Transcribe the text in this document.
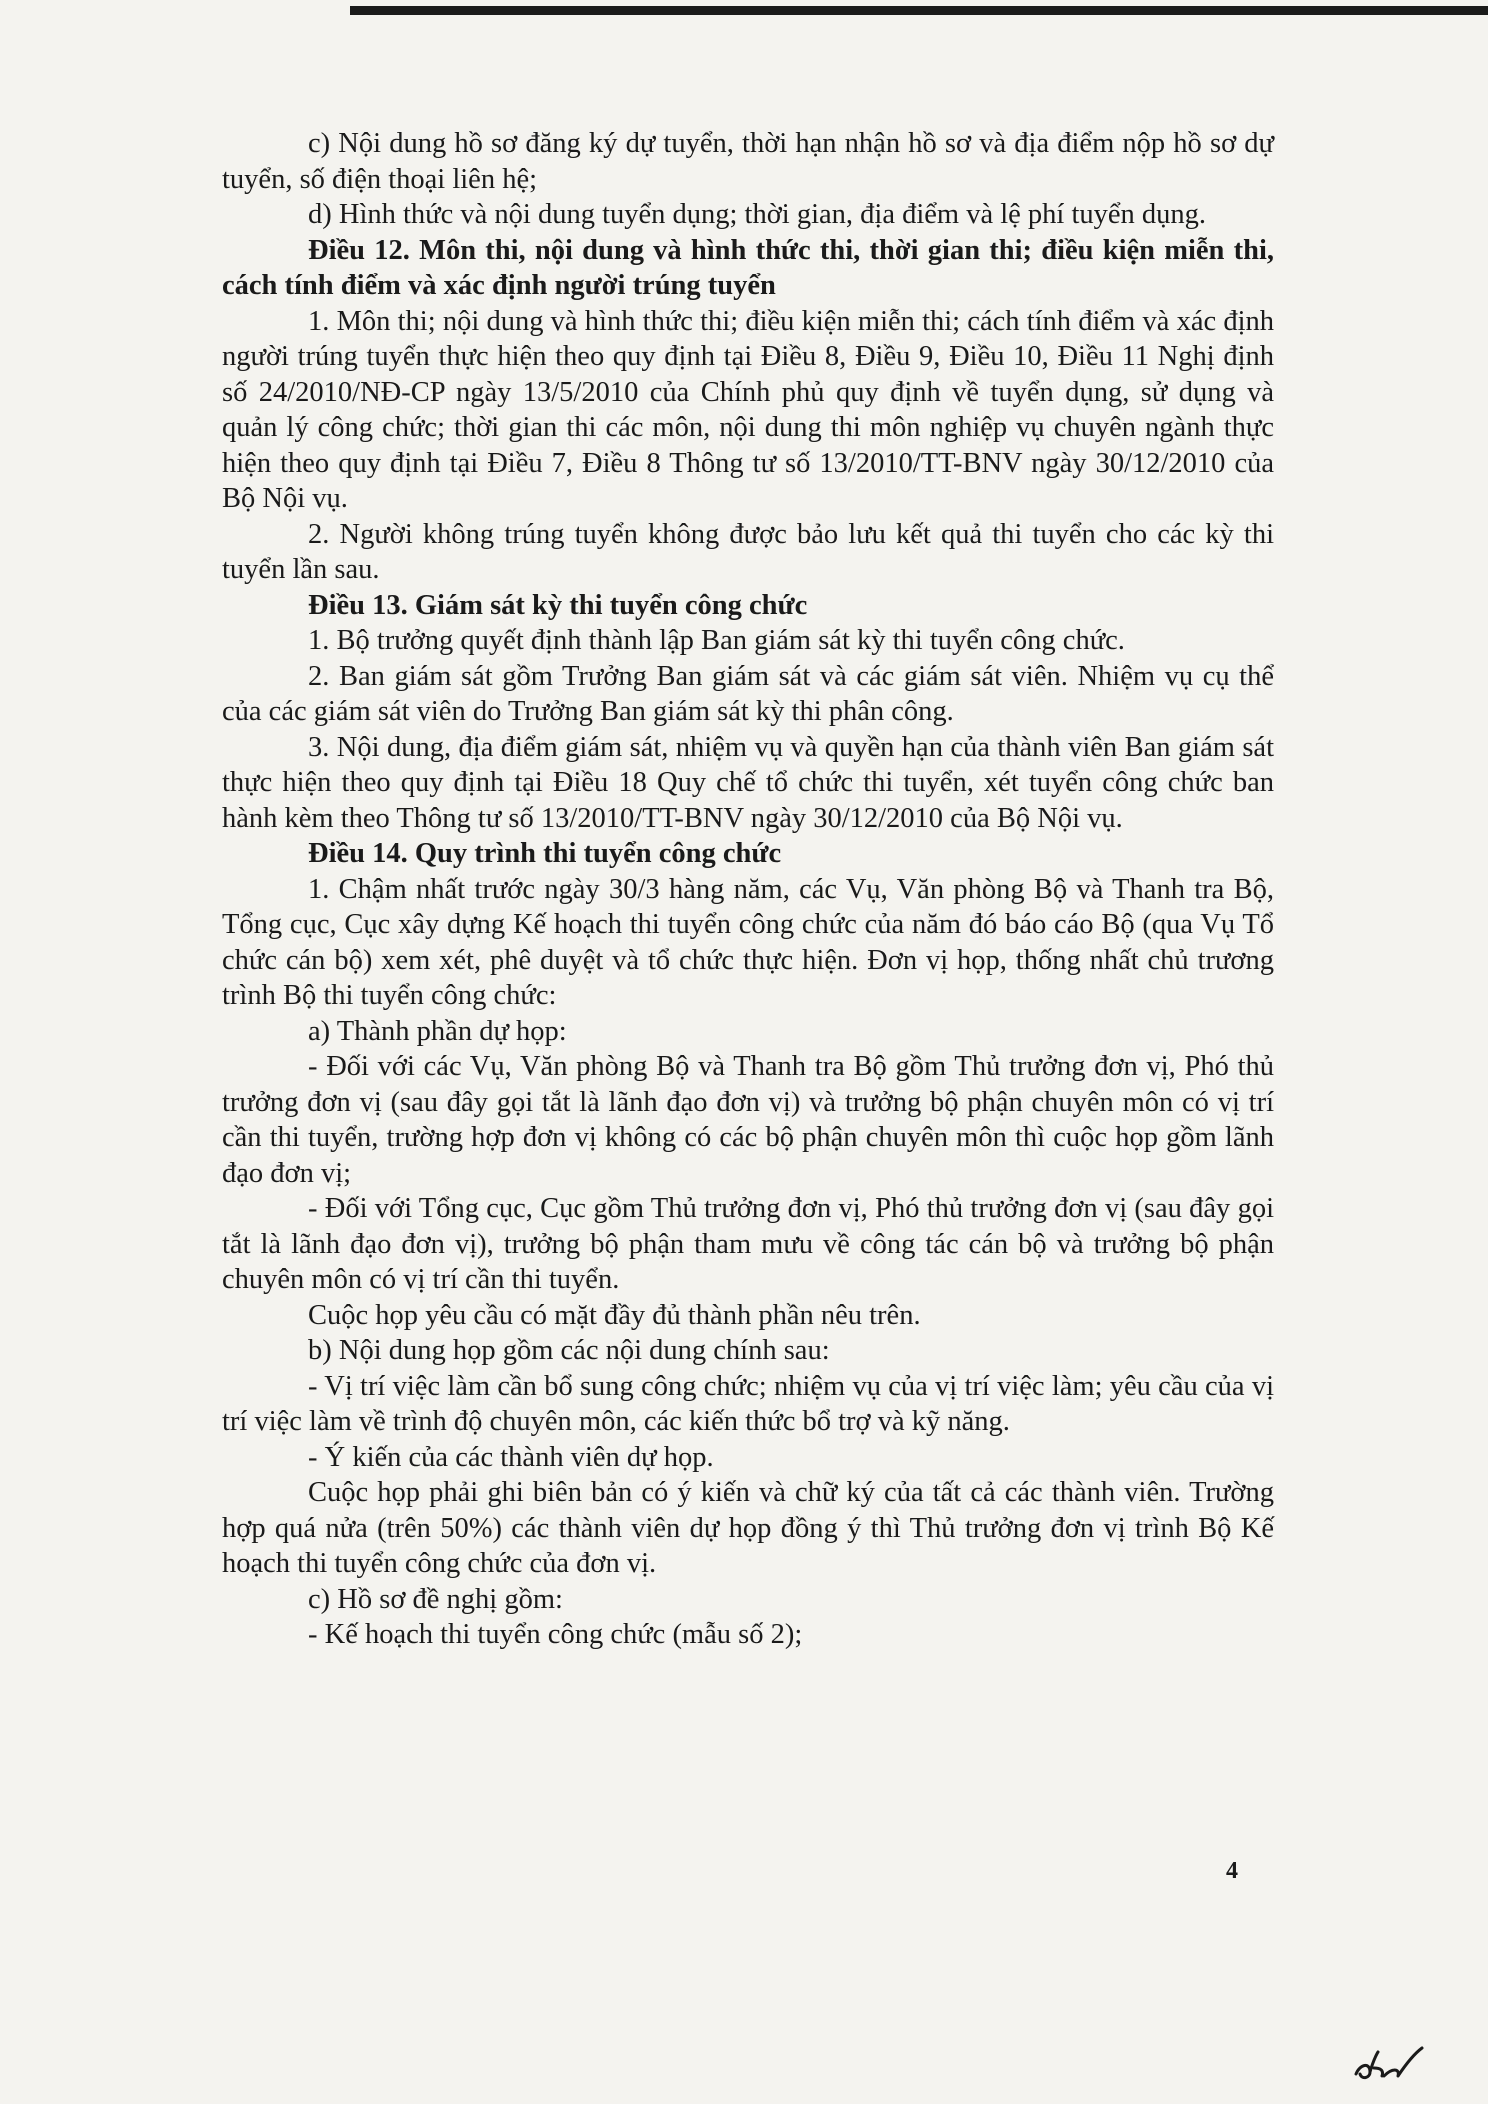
c) Nội dung hồ sơ đăng ký dự tuyển, thời hạn nhận hồ sơ và địa điểm nộp hồ sơ dự tuyển, số điện thoại liên hệ;

d) Hình thức và nội dung tuyển dụng; thời gian, địa điểm và lệ phí tuyển dụng.

Điều 12. Môn thi, nội dung và hình thức thi, thời gian thi; điều kiện miễn thi, cách tính điểm và xác định người trúng tuyển

1. Môn thi; nội dung và hình thức thi; điều kiện miễn thi; cách tính điểm và xác định người trúng tuyển thực hiện theo quy định tại Điều 8, Điều 9, Điều 10, Điều 11 Nghị định số 24/2010/NĐ-CP ngày 13/5/2010 của Chính phủ quy định về tuyển dụng, sử dụng và quản lý công chức; thời gian thi các môn, nội dung thi môn nghiệp vụ chuyên ngành thực hiện theo quy định tại Điều 7, Điều 8 Thông tư số 13/2010/TT-BNV ngày 30/12/2010 của Bộ Nội vụ.

2. Người không trúng tuyển không được bảo lưu kết quả thi tuyển cho các kỳ thi tuyển lần sau.

Điều 13. Giám sát kỳ thi tuyển công chức

1. Bộ trưởng quyết định thành lập Ban giám sát kỳ thi tuyển công chức.

2. Ban giám sát gồm Trưởng Ban giám sát và các giám sát viên. Nhiệm vụ cụ thể của các giám sát viên do Trưởng Ban giám sát kỳ thi phân công.

3. Nội dung, địa điểm giám sát, nhiệm vụ và quyền hạn của thành viên Ban giám sát thực hiện theo quy định tại Điều 18 Quy chế tổ chức thi tuyển, xét tuyển công chức ban hành kèm theo Thông tư số 13/2010/TT-BNV ngày 30/12/2010 của Bộ Nội vụ.

Điều 14. Quy trình thi tuyển công chức

1. Chậm nhất trước ngày 30/3 hàng năm, các Vụ, Văn phòng Bộ và Thanh tra Bộ, Tổng cục, Cục xây dựng Kế hoạch thi tuyển công chức của năm đó báo cáo Bộ (qua Vụ Tổ chức cán bộ) xem xét, phê duyệt và tổ chức thực hiện. Đơn vị họp, thống nhất chủ trương trình Bộ thi tuyển công chức:

a) Thành phần dự họp:

- Đối với các Vụ, Văn phòng Bộ và Thanh tra Bộ gồm Thủ trưởng đơn vị, Phó thủ trưởng đơn vị (sau đây gọi tắt là lãnh đạo đơn vị) và trưởng bộ phận chuyên môn có vị trí cần thi tuyển, trường hợp đơn vị không có các bộ phận chuyên môn thì cuộc họp gồm lãnh đạo đơn vị;

- Đối với Tổng cục, Cục gồm Thủ trưởng đơn vị, Phó thủ trưởng đơn vị (sau đây gọi tắt là lãnh đạo đơn vị), trưởng bộ phận tham mưu về công tác cán bộ và trưởng bộ phận chuyên môn có vị trí cần thi tuyển.

Cuộc họp yêu cầu có mặt đầy đủ thành phần nêu trên.

b) Nội dung họp gồm các nội dung chính sau:

- Vị trí việc làm cần bổ sung công chức; nhiệm vụ của vị trí việc làm; yêu cầu của vị trí việc làm về trình độ chuyên môn, các kiến thức bổ trợ và kỹ năng.

- Ý kiến của các thành viên dự họp.

Cuộc họp phải ghi biên bản có ý kiến và chữ ký của tất cả các thành viên. Trường hợp quá nửa (trên 50%) các thành viên dự họp đồng ý thì Thủ trưởng đơn vị trình Bộ Kế hoạch thi tuyển công chức của đơn vị.

c) Hồ sơ đề nghị gồm:

- Kế hoạch thi tuyển công chức (mẫu số 2);

4
